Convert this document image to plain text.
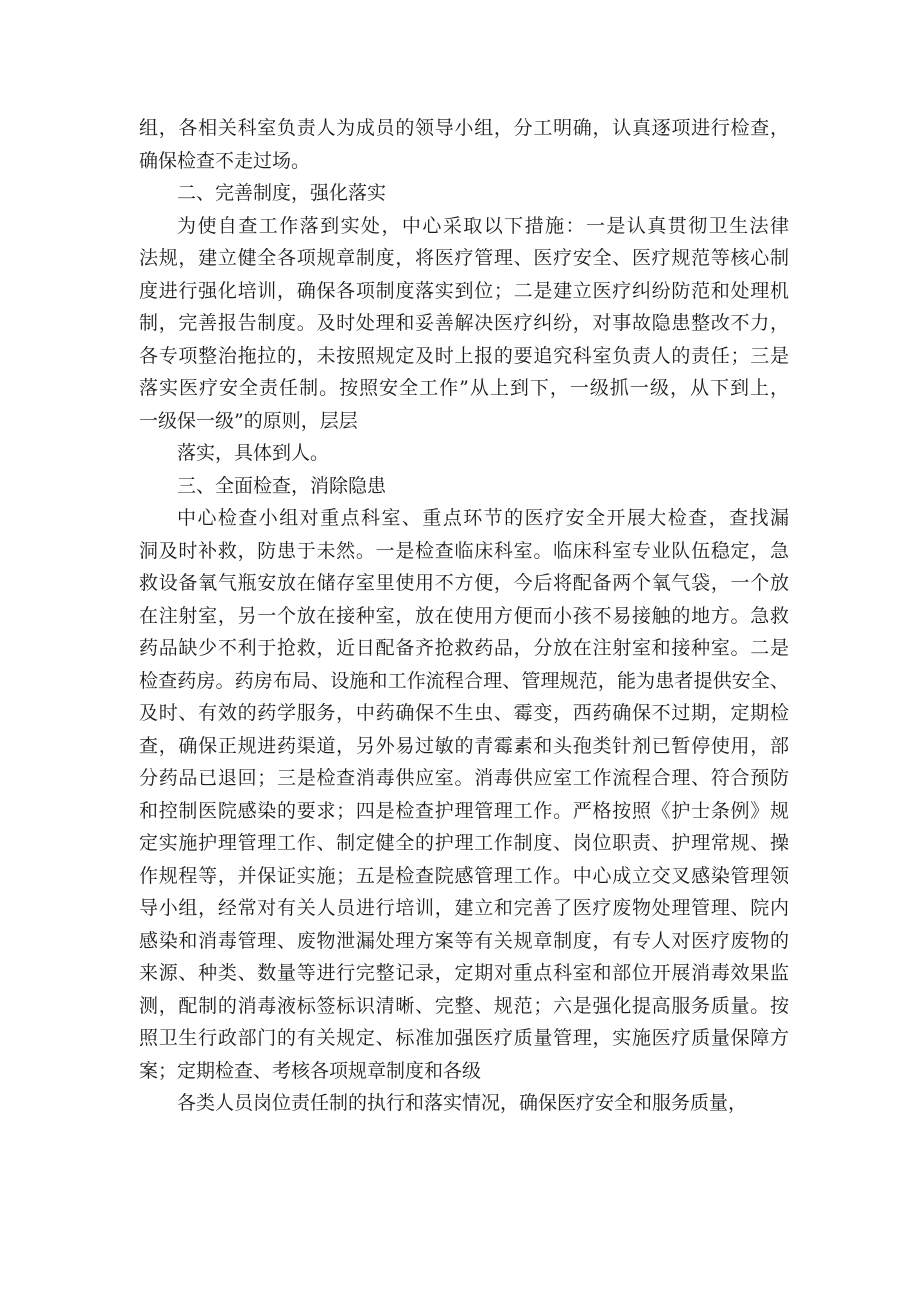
组，各相关科室负责人为成员的领导小组，分工明确，认真逐项进行检查，
确保检查不走过场。
二、完善制度，强化落实
为使自查工作落到实处，中心采取以下措施：一是认真贯彻卫生法律
法规，建立健全各项规章制度，将医疗管理、医疗安全、医疗规范等核心制
度进行强化培训，确保各项制度落实到位；二是建立医疗纠纷防范和处理机
制，完善报告制度。及时处理和妥善解决医疗纠纷，对事故隐患整改不力，
各专项整治拖拉的，未按照规定及时上报的要追究科室负责人的责任；三是
落实医疗安全责任制。按照安全工作”从上到下，一级抓一级，从下到上，
一级保一级”的原则，层层
落实，具体到人。
三、全面检查，消除隐患
中心检查小组对重点科室、重点环节的医疗安全开展大检查，查找漏
洞及时补救，防患于未然。一是检查临床科室。临床科室专业队伍稳定，急
救设备氧气瓶安放在储存室里使用不方便，今后将配备两个氧气袋，一个放
在注射室，另一个放在接种室，放在使用方便而小孩不易接触的地方。急救
药品缺少不利于抢救，近日配备齐抢救药品，分放在注射室和接种室。二是
检查药房。药房布局、设施和工作流程合理、管理规范，能为患者提供安全、
及时、有效的药学服务，中药确保不生虫、霉变，西药确保不过期，定期检
查，确保正规进药渠道，另外易过敏的青霉素和头孢类针剂已暂停使用，部
分药品已退回；三是检查消毒供应室。消毒供应室工作流程合理、符合预防
和控制医院感染的要求；四是检查护理管理工作。严格按照《护士条例》规
定实施护理管理工作、制定健全的护理工作制度、岗位职责、护理常规、操
作规程等，并保证实施；五是检查院感管理工作。中心成立交叉感染管理领
导小组，经常对有关人员进行培训，建立和完善了医疗废物处理管理、院内
感染和消毒管理、废物泄漏处理方案等有关规章制度，有专人对医疗废物的
来源、种类、数量等进行完整记录，定期对重点科室和部位开展消毒效果监
测，配制的消毒液标签标识清晰、完整、规范；六是强化提高服务质量。按
照卫生行政部门的有关规定、标准加强医疗质量管理，实施医疗质量保障方
案；定期检查、考核各项规章制度和各级
各类人员岗位责任制的执行和落实情况，确保医疗安全和服务质量，
